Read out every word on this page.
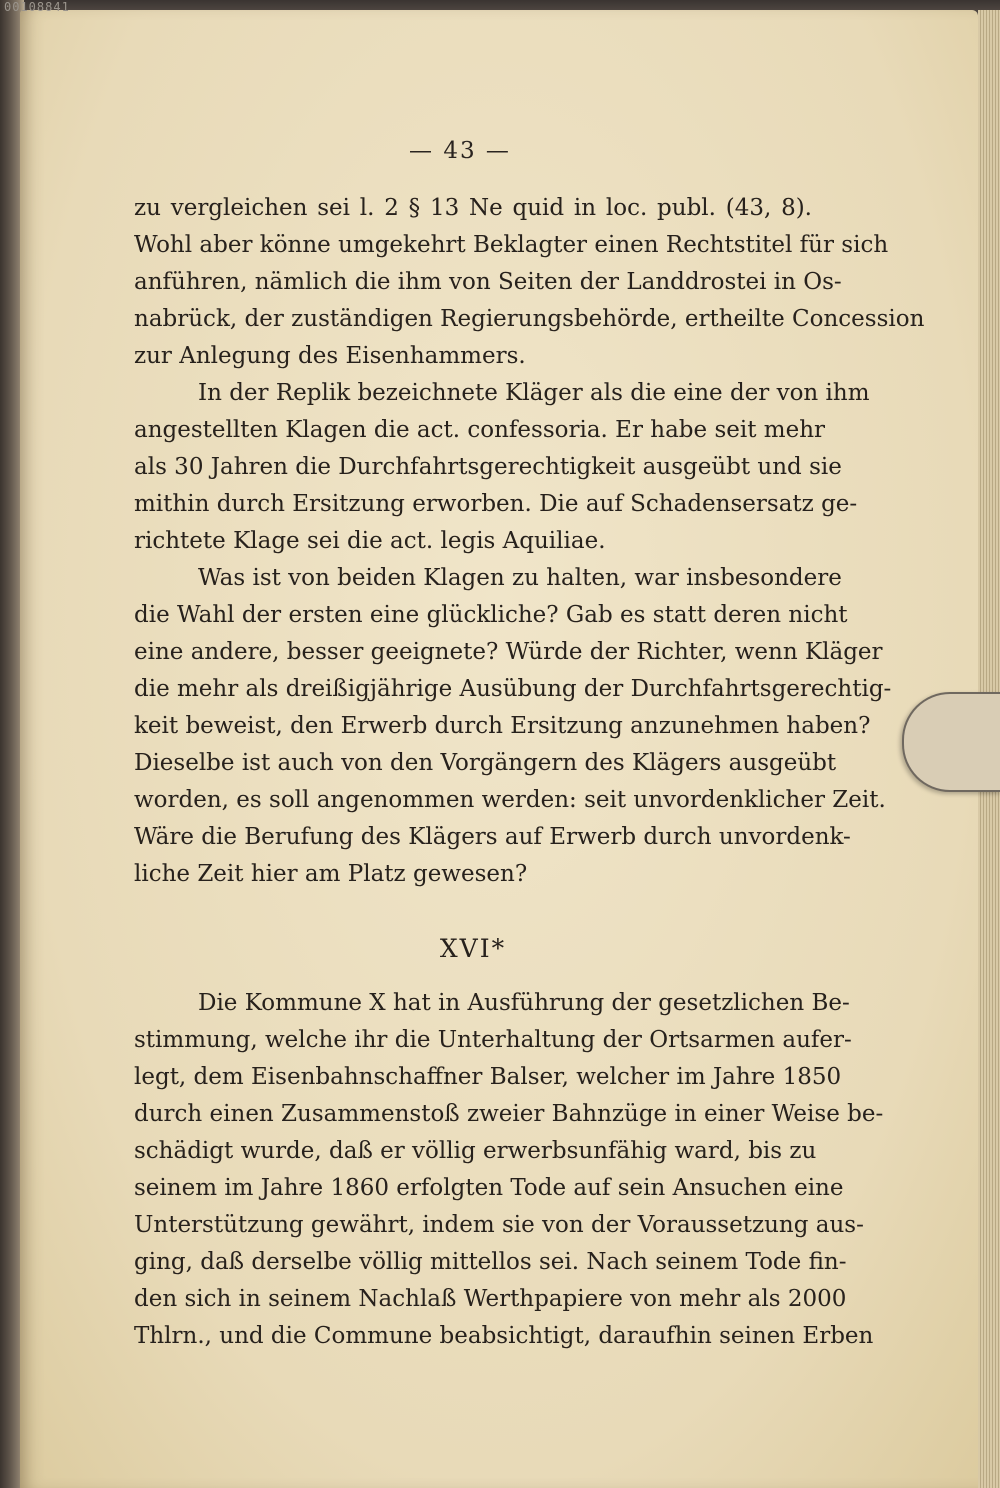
00108841
— 43 —
zu vergleichen sei l. 2 § 13 Ne quid in loc. publ. (43, 8).
Wohl aber könne umgekehrt Beklagter einen Rechtstitel für sich
anführen, nämlich die ihm von Seiten der Landdrostei in Os-
nabrück, der zuständigen Regierungsbehörde, ertheilte Concession
zur Anlegung des Eisenhammers.
In der Replik bezeichnete Kläger als die eine der von ihm
angestellten Klagen die act. confessoria. Er habe seit mehr
als 30 Jahren die Durchfahrtsgerechtigkeit ausgeübt und sie
mithin durch Ersitzung erworben. Die auf Schadensersatz ge-
richtete Klage sei die act. legis Aquiliae.
Was ist von beiden Klagen zu halten, war insbesondere
die Wahl der ersten eine glückliche? Gab es statt deren nicht
eine andere, besser geeignete? Würde der Richter, wenn Kläger
die mehr als dreißigjährige Ausübung der Durchfahrtsgerechtig-
keit beweist, den Erwerb durch Ersitzung anzunehmen haben?
Dieselbe ist auch von den Vorgängern des Klägers ausgeübt
worden, es soll angenommen werden: seit unvordenklicher Zeit.
Wäre die Berufung des Klägers auf Erwerb durch unvordenk-
liche Zeit hier am Platz gewesen?
XVI*
Die Kommune X hat in Ausführung der gesetzlichen Be-
stimmung, welche ihr die Unterhaltung der Ortsarmen aufer-
legt, dem Eisenbahnschaffner Balser, welcher im Jahre 1850
durch einen Zusammenstoß zweier Bahnzüge in einer Weise be-
schädigt wurde, daß er völlig erwerbsunfähig ward, bis zu
seinem im Jahre 1860 erfolgten Tode auf sein Ansuchen eine
Unterstützung gewährt, indem sie von der Voraussetzung aus-
ging, daß derselbe völlig mittellos sei. Nach seinem Tode fin-
den sich in seinem Nachlaß Werthpapiere von mehr als 2000
Thlrn., und die Commune beabsichtigt, daraufhin seinen Erben
